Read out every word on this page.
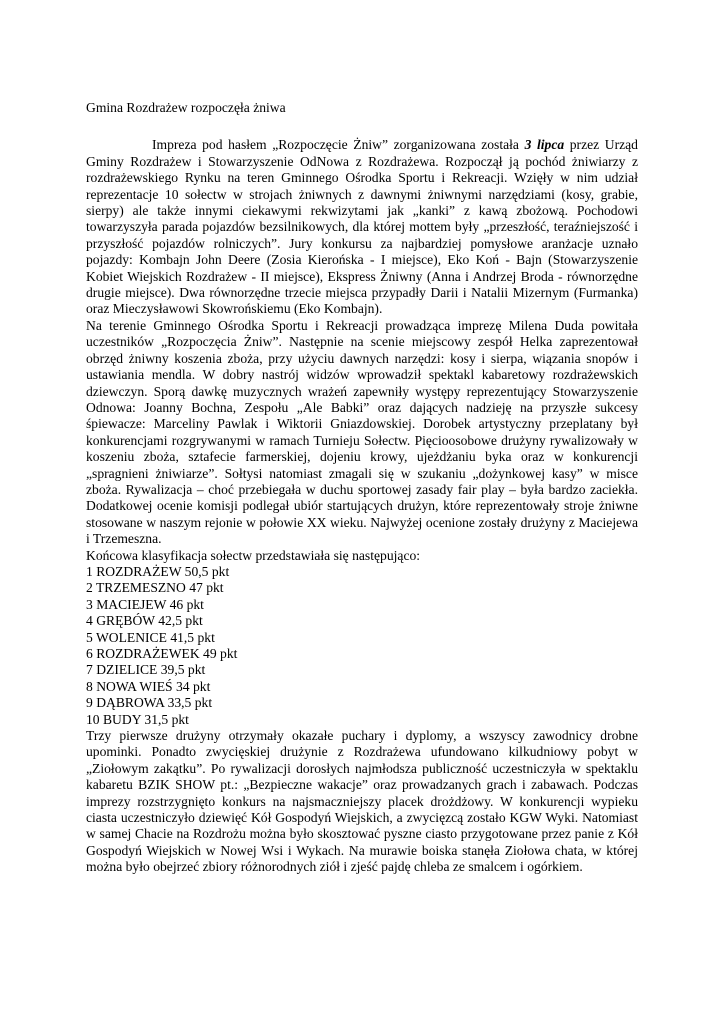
Gmina Rozdrażew rozpoczęła żniwa

Impreza pod hasłem „Rozpoczęcie Żniw” zorganizowana została 3 lipca przez Urząd Gminy Rozdrażew i Stowarzyszenie OdNowa z Rozdrażewa. Rozpoczął ją pochód żniwiarzy z rozdrażewskiego Rynku na teren Gminnego Ośrodka Sportu i Rekreacji. Wzięły w nim udział reprezentacje 10 sołectw w strojach żniwnych z dawnymi żniwnymi narzędziami (kosy, grabie, sierpy) ale także innymi ciekawymi rekwizytami jak „kanki” z kawą zbożową. Pochodowi towarzyszyła parada pojazdów bezsilnikowych, dla której mottem były „przeszłość, teraźniejszość i przyszłość pojazdów rolniczych”. Jury konkursu za najbardziej pomysłowe aranżacje uznało pojazdy: Kombajn John Deere (Zosia Kierońska - I miejsce), Eko Koń - Bajn (Stowarzyszenie Kobiet Wiejskich Rozdrażew - II miejsce), Ekspress Żniwny (Anna i Andrzej Broda - równorzędne drugie miejsce). Dwa równorzędne trzecie miejsca przypadły Darii i Natalii Mizernym (Furmanka) oraz Mieczysławowi Skowrońskiemu (Eko Kombajn).

Na terenie Gminnego Ośrodka Sportu i Rekreacji prowadząca imprezę Milena Duda powitała uczestników „Rozpoczęcia Żniw”. Następnie na scenie miejscowy zespół Helka zaprezentował obrzęd żniwny koszenia zboża, przy użyciu dawnych narzędzi: kosy i sierpa, wiązania snopów i ustawiania mendla. W dobry nastrój widzów wprowadził spektakl kabaretowy rozdrażewskich dziewczyn. Sporą dawkę muzycznych wrażeń zapewniły występy reprezentujący Stowarzyszenie Odnowa: Joanny Bochna, Zespołu „Ale Babki” oraz dających nadzieję na przyszłe sukcesy śpiewacze: Marceliny Pawlak i Wiktorii Gniazdowskiej. Dorobek artystyczny przeplatany był konkurencjami rozgrywanymi w ramach Turnieju Sołectw. Pięcioosobowe drużyny rywalizowały w koszeniu zboża, sztafecie farmerskiej, dojeniu krowy, ujeżdżaniu byka oraz w konkurencji „spragnieni żniwiarze”. Sołtysi natomiast zmagali się w szukaniu „dożynkowej kasy” w misce zboża. Rywalizacja – choć przebiegała w duchu sportowej zasady fair play – była bardzo zaciekła. Dodatkowej ocenie komisji podlegał ubiór startujących drużyn, które reprezentowały stroje żniwne stosowane w naszym rejonie w połowie XX wieku. Najwyżej ocenione zostały drużyny z Maciejewa i Trzemeszna.

Końcowa klasyfikacja sołectw przedstawiała się następująco:

1 ROZDRAŻEW 50,5 pkt
2 TRZEMESZNO 47 pkt
3 MACIEJEW 46 pkt
4 GRĘBÓW 42,5 pkt
5 WOLENICE 41,5 pkt
6 ROZDRAŻEWEK 49 pkt
7 DZIELICE 39,5 pkt
8 NOWA WIEŚ 34 pkt
9 DĄBROWA 33,5 pkt
10 BUDY 31,5 pkt

Trzy pierwsze drużyny otrzymały okazałe puchary i dyplomy, a wszyscy zawodnicy drobne upominki. Ponadto zwycięskiej drużynie z Rozdrażewa ufundowano kilkudniowy pobyt w „Ziołowym zakątku”. Po rywalizacji dorosłych najmłodsza publiczność uczestniczyła w spektaklu kabaretu BZIK SHOW pt.: „Bezpieczne wakacje” oraz prowadzanych grach i zabawach. Podczas imprezy rozstrzygnięto konkurs na najsmaczniejszy placek drożdżowy. W konkurencji wypieku ciasta uczestniczyło dziewięć Kół Gospodyń Wiejskich, a zwycięzcą zostało KGW Wyki. Natomiast w samej Chacie na Rozdrożu można było skosztować pyszne ciasto przygotowane przez panie z Kół Gospodyń Wiejskich w Nowej Wsi i Wykach. Na murawie boiska stanęła Ziołowa chata, w której można było obejrzeć zbiory różnorodnych ziół i zjeść pajdę chleba ze smalcem i ogórkiem.
